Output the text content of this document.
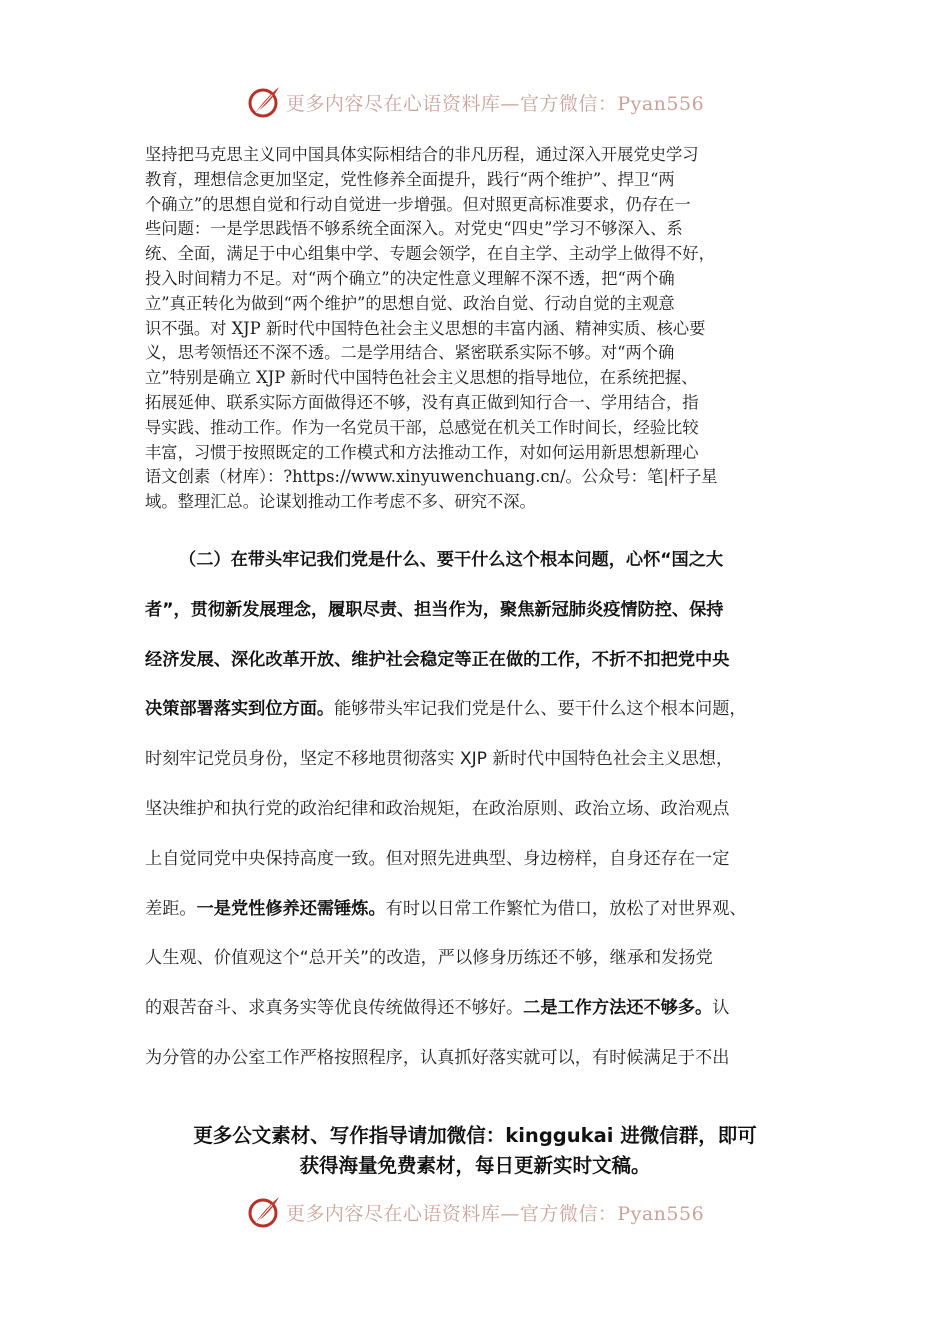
更多内容尽在心语资料库—官方微信：Pyan556
坚持把马克思主义同中国具体实际相结合的非凡历程，通过深入开展党史学习
教育，理想信念更加坚定，党性修养全面提升，践行“两个维护”、捍卫“两
个确立”的思想自觉和行动自觉进一步增强。但对照更高标准要求，仍存在一
些问题：一是学思践悟不够系统全面深入。对党史“四史”学习不够深入、系
统、全面，满足于中心组集中学、专题会领学，在自主学、主动学上做得不好，
投入时间精力不足。对“两个确立”的决定性意义理解不深不透，把“两个确
立”真正转化为做到“两个维护”的思想自觉、政治自觉、行动自觉的主观意
识不强。对 XJP 新时代中国特色社会主义思想的丰富内涵、精神实质、核心要
义，思考领悟还不深不透。二是学用结合、紧密联系实际不够。对“两个确
立”特别是确立 XJP 新时代中国特色社会主义思想的指导地位，在系统把握、
拓展延伸、联系实际方面做得还不够，没有真正做到知行合一、学用结合，指
导实践、推动工作。作为一名党员干部，总感觉在机关工作时间长，经验比较
丰富，习惯于按照既定的工作模式和方法推动工作，对如何运用新思想新理心
语文创素（材库）：?https://www.xinyuwenchuang.cn/。公众号：笔|杆子星
域。整理汇总。论谋划推动工作考虑不多、研究不深。
（二）在带头牢记我们党是什么、要干什么这个根本问题，心怀“国之大
者”，贯彻新发展理念，履职尽责、担当作为，聚焦新冠肺炎疫情防控、保持
经济发展、深化改革开放、维护社会稳定等正在做的工作，不折不扣把党中央
决策部署落实到位方面。能够带头牢记我们党是什么、要干什么这个根本问题，
时刻牢记党员身份，坚定不移地贯彻落实 XJP 新时代中国特色社会主义思想，
坚决维护和执行党的政治纪律和政治规矩，在政治原则、政治立场、政治观点
上自觉同党中央保持高度一致。但对照先进典型、身边榜样，自身还存在一定
差距。一是党性修养还需锤炼。有时以日常工作繁忙为借口，放松了对世界观、
人生观、价值观这个“总开关”的改造，严以修身历练还不够，继承和发扬党
的艰苦奋斗、求真务实等优良传统做得还不够好。二是工作方法还不够多。认
为分管的办公室工作严格按照程序，认真抓好落实就可以，有时候满足于不出
更多公文素材、写作指导请加微信：kinggukai 进微信群，即可
获得海量免费素材，每日更新实时文稿。
更多内容尽在心语资料库—官方微信：Pyan556
